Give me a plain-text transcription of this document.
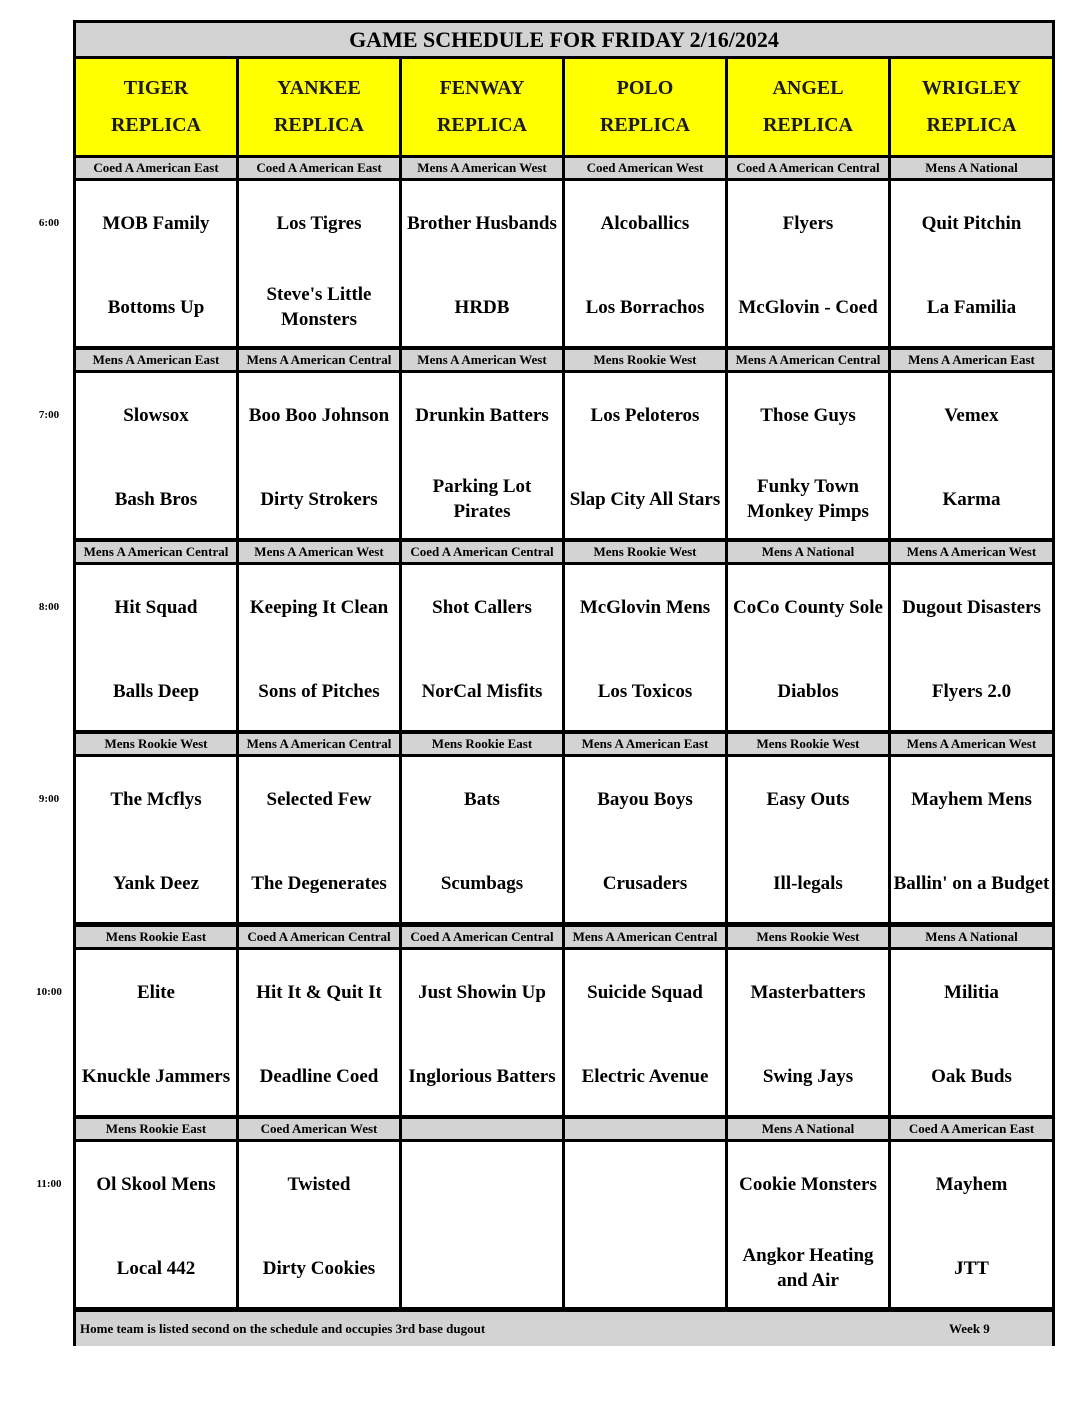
6:00
7:00
8:00
9:00
10:00
11:00
GAME SCHEDULE FOR FRIDAY 2/16/2024
TIGER
REPLICA
YANKEE
REPLICA
FENWAY
REPLICA
POLO
REPLICA
ANGEL
REPLICA
WRIGLEY
REPLICA
Coed A American East
MOB Family
Bottoms Up
Coed A American East
Los Tigres
Steve's Little Monsters
Mens A American West
Brother Husbands
HRDB
Coed American West
Alcoballics
Los Borrachos
Coed A American Central
Flyers
McGlovin - Coed
Mens A National
Quit Pitchin
La Familia
Mens A American East
Slowsox
Bash Bros
Mens A American Central
Boo Boo Johnson
Dirty Strokers
Mens A American West
Drunkin Batters
Parking Lot Pirates
Mens Rookie West
Los Peloteros
Slap City All Stars
Mens A American Central
Those Guys
Funky Town Monkey Pimps
Mens A American East
Vemex
Karma
Mens A American Central
Hit Squad
Balls Deep
Mens A American West
Keeping It Clean
Sons of Pitches
Coed A American Central
Shot Callers
NorCal Misfits
Mens Rookie West
McGlovin Mens
Los Toxicos
Mens A National
CoCo County Sole
Diablos
Mens A American West
Dugout Disasters
Flyers 2.0
Mens Rookie West
The Mcflys
Yank Deez
Mens A American Central
Selected Few
The Degenerates
Mens Rookie East
Bats
Scumbags
Mens A American East
Bayou Boys
Crusaders
Mens Rookie West
Easy Outs
Ill-legals
Mens A American West
Mayhem Mens
Ballin' on a Budget
Mens Rookie East
Elite
Knuckle Jammers
Coed A American Central
Hit It & Quit It
Deadline Coed
Coed A American Central
Just Showin Up
Inglorious Batters
Mens A American Central
Suicide Squad
Electric Avenue
Mens Rookie West
Masterbatters
Swing Jays
Mens A National
Militia
Oak Buds
Mens Rookie East
Ol Skool Mens
Local 442
Coed American West
Twisted
Dirty Cookies
Mens A National
Cookie Monsters
Angkor Heating and Air
Coed A American East
Mayhem
JTT
Home team is listed second on the schedule and occupies 3rd base dugout	Week 9
